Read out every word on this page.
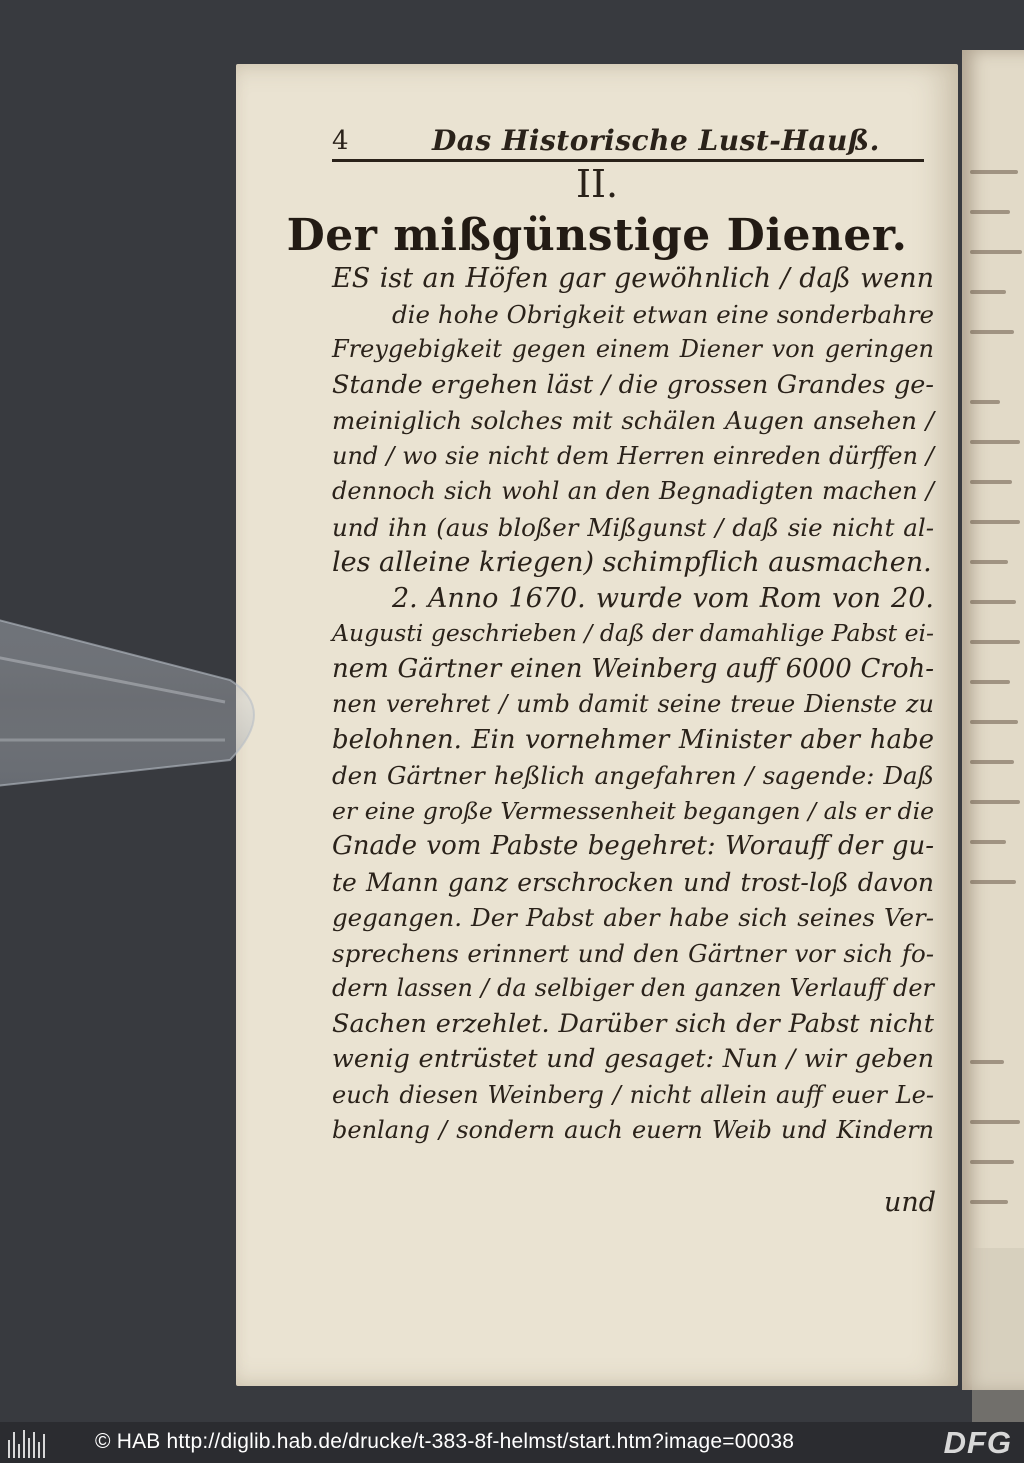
4	Das Historische Lust-Hauß.
II.
Der mißgünstige Diener.
ES ist an Höfen gar gewöhnlich / daß wenn
die hohe Obrigkeit etwan eine sonderbahre
Freygebigkeit gegen einem Diener von geringen
Stande ergehen läst / die grossen Grandes ge-
meiniglich solches mit schälen Augen ansehen /
und / wo sie nicht dem Herren einreden dürffen /
dennoch sich wohl an den Begnadigten machen /
und ihn (aus bloßer Mißgunst / daß sie nicht al-
les alleine kriegen) schimpflich ausmachen.
2. Anno 1670. wurde vom Rom von 20.
Augusti geschrieben / daß der damahlige Pabst ei-
nem Gärtner einen Weinberg auff 6000 Croh-
nen verehret / umb damit seine treue Dienste zu
belohnen. Ein vornehmer Minister aber habe
den Gärtner heßlich angefahren / sagende: Daß
er eine große Vermessenheit begangen / als er die
Gnade vom Pabste begehret: Worauff der gu-
te Mann ganz erschrocken und trost-loß davon
gegangen. Der Pabst aber habe sich seines Ver-
sprechens erinnert und den Gärtner vor sich fo-
dern lassen / da selbiger den ganzen Verlauff der
Sachen erzehlet. Darüber sich der Pabst nicht
wenig entrüstet und gesaget: Nun / wir geben
euch diesen Weinberg / nicht allein auff euer Le-
benlang / sondern auch euern Weib und Kindern
und
© HAB http://diglib.hab.de/drucke/t-383-8f-helmst/start.htm?image=00038	DFG
